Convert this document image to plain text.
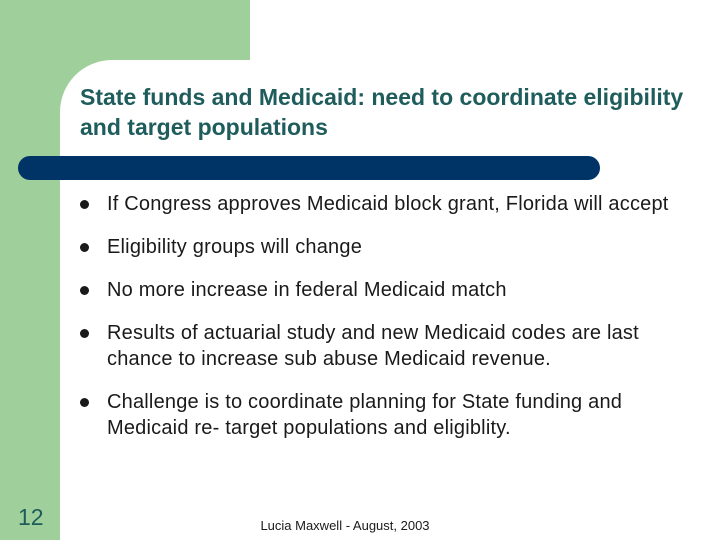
State funds and Medicaid: need to coordinate eligibility and target populations
If Congress approves Medicaid block grant, Florida will accept
Eligibility groups will change
No more increase in federal Medicaid match
Results of actuarial study and new Medicaid codes are last chance to increase sub abuse Medicaid revenue.
Challenge is to coordinate planning for State funding and Medicaid re- target populations and eligiblity.
12	Lucia Maxwell - August, 2003
